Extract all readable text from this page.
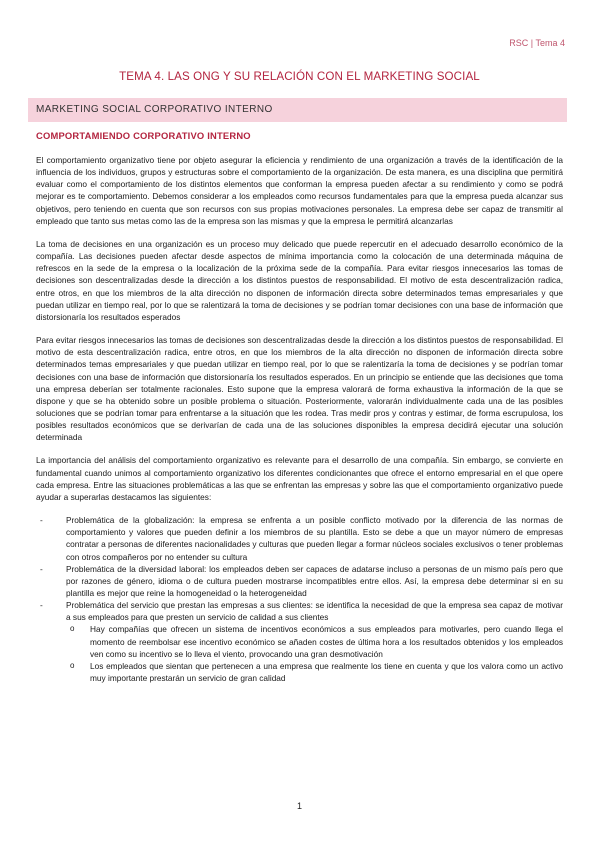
RSC | Tema 4
TEMA 4. LAS ONG Y SU RELACIÓN CON EL MARKETING SOCIAL
MARKETING SOCIAL CORPORATIVO INTERNO
COMPORTAMIENDO CORPORATIVO INTERNO

El comportamiento organizativo tiene por objeto asegurar la eficiencia y rendimiento de una organización a través de la identificación de la influencia de los individuos, grupos y estructuras sobre el comportamiento de la organización. De esta manera, es una disciplina que permitirá evaluar como el comportamiento de los distintos elementos que conforman la empresa pueden afectar a su rendimiento y como se podrá mejorar es te comportamiento. Debemos considerar a los empleados como recursos fundamentales para que la empresa pueda alcanzar sus objetivos, pero teniendo en cuenta que son recursos con sus propias motivaciones personales. La empresa debe ser capaz de transmitir al empleado que tanto sus metas como las de la empresa son las mismas y que la empresa le permitirá alcanzarlas

La toma de decisiones en una organización es un proceso muy delicado que puede repercutir en el adecuado desarrollo económico de la compañía. Las decisiones pueden afectar desde aspectos de mínima importancia como la colocación de una determinada máquina de refrescos en la sede de la empresa o la localización de la próxima sede de la compañía. Para evitar riesgos innecesarios las tomas de decisiones son descentralizadas desde la dirección a los distintos puestos de responsabilidad. El motivo de esta descentralización radica, entre otros, en que los miembros de la alta dirección no disponen de información directa sobre determinados temas empresariales y que puedan utilizar en tiempo real, por lo que se ralentizará la toma de decisiones y se podrían tomar decisiones con una base de información que distorsionaría los resultados esperados

Para evitar riesgos innecesarios las tomas de decisiones son descentralizadas desde la dirección a los distintos puestos de responsabilidad. El motivo de esta descentralización radica, entre otros, en que los miembros de la alta dirección no disponen de información directa sobre determinados temas empresariales y que puedan utilizar en tiempo real, por lo que se ralentizaría la toma de decisiones y se podrían tomar decisiones con una base de información que distorsionaría los resultados esperados. En un principio se entiende que las decisiones que toma una empresa deberían ser totalmente racionales. Esto supone que la empresa valorará de forma exhaustiva la información de la que se dispone y que se ha obtenido sobre un posible problema o situación. Posteriormente, valorarán individualmente cada una de las posibles soluciones que se podrían tomar para enfrentarse a la situación que les rodea. Tras medir pros y contras y estimar, de forma escrupulosa, los posibles resultados económicos que se derivarían de cada una de las soluciones disponibles la empresa decidirá ejecutar una solución determinada

La importancia del análisis del comportamiento organizativo es relevante para el desarrollo de una compañía. Sin embargo, se convierte en fundamental cuando unimos al comportamiento organizativo los diferentes condicionantes que ofrece el entorno empresarial en el que opere cada empresa. Entre las situaciones problemáticas a las que se enfrentan las empresas y sobre las que el comportamiento organizativo puede ayudar a superarlas destacamos las siguientes:

- Problemática de la globalización: la empresa se enfrenta a un posible conflicto motivado por la diferencia de las normas de comportamiento y valores que pueden definir a los miembros de su plantilla. Esto se debe a que un mayor número de empresas contratar a personas de diferentes nacionalidades y culturas que pueden llegar a formar núcleos sociales exclusivos o tener problemas con otros compañeros por no entender su cultura
- Problemática de la diversidad laboral: los empleados deben ser capaces de adatarse incluso a personas de un mismo país pero que por razones de género, idioma o de cultura pueden mostrarse incompatibles entre ellos. Así, la empresa debe determinar si en su plantilla es mejor que reine la homogeneidad o la heterogeneidad
- Problemática del servicio que prestan las empresas a sus clientes: se identifica la necesidad de que la empresa sea capaz de motivar a sus empleados para que presten un servicio de calidad a sus clientes
o Hay compañías que ofrecen un sistema de incentivos económicos a sus empleados para motivarles, pero cuando llega el momento de reembolsar ese incentivo económico se añaden costes de última hora a los resultados obtenidos y los empleados ven como su incentivo se lo lleva el viento, provocando una gran desmotivación
o Los empleados que sientan que pertenecen a una empresa que realmente los tiene en cuenta y que los valora como un activo muy importante prestarán un servicio de gran calidad
1
